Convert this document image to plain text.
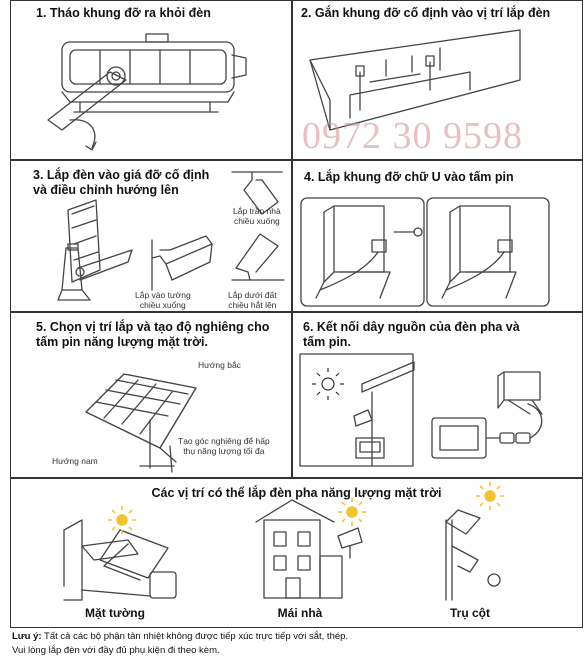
1. Tháo khung đỡ ra khỏi đèn	2. Gắn khung đỡ cố định vào vị trí lắp đèn
3. Lắp đèn vào giá đỡ cố định
và điều chỉnh hướng lên
4. Lắp khung đỡ chữ U vào tấm pin
5. Chọn vị trí lắp và tạo độ nghiêng cho
tấm pin năng lượng mặt trời.
6. Kết nối dây nguồn của đèn pha và
tấm pin.
Lắp trần nhà
chiều xuống
Lắp vào tường
chiều xuống
Lắp dưới đất
chiều hắt lên
Hướng bắc
Hướng nam
Tạo góc nghiêng để hấp
thụ năng lượng tối đa
0972 30 9598
Các vị trí có thể lắp đèn pha năng lượng mặt trời
Mặt tường	Mái nhà	Trụ cột
Lưu ý: Tất cả các bộ phận tản nhiệt không được tiếp xúc trực tiếp với sắt, thép.
Vui lòng lắp đèn với đầy đủ phụ kiện đi theo kèm.
